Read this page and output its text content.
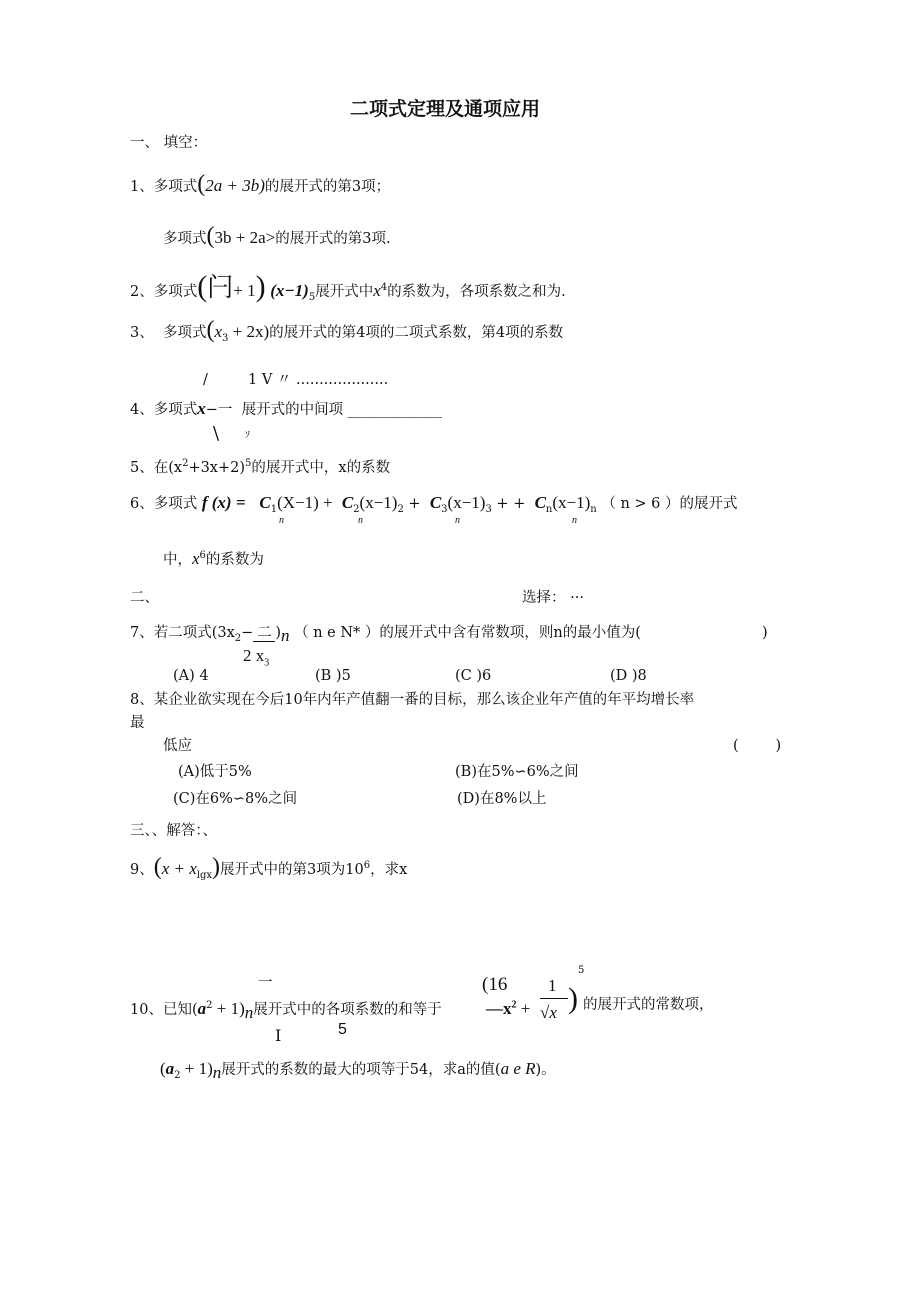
二项式定理及通项应用
一、 填空：
1、多项式(2a + 3b)的展开式的第3项；
多项式(3b + 2a>的展开式的第3项.
2、多项式(闩+ 1) $(x-1)_5$展开式中$x^4$的系数为，各项系数之和为.
3、 多项式$(x_3 + 2x)$的展开式的第4项的二项式系数，第4项的系数
/	1 V 〃 ....................
4、多项式x−一 展开式的中间项 _____________
\	ｿ
5、在$(x^2+3x+2)^5$的展开式中，x的系数
6、多项式 f $(x) = C_1(X-1) + C_2(x-1)_2 + C_3(x-1)_3$ + + $C_n(x-1)_n$ （ n > 6 ）的展开式
n	n	n	n
中，$x^6$的系数为
二、	选择： ···
7、若二项式($3x_2-$ 二 )$_n$ （ n e N* ）的展开式中含有常数项，则n的最小值为(	)
2 $x_3$
(A) 4	(B )5	(C )6	(D )8
8、某企业欲实现在今后10年内年产值翻一番的目标，那么该企业年产值的年平均增长率
最
低应	(        )
(A)低于5%	(B)在5%∽6%之间
(C)在6%∽8%之间	(D)在8%以上
三、、解答：、
9、$(x + x_{lgx})$展开式中的第3项为$10^6$，求x
一	(16 1
5
10、已知$(a^2 + 1)_n$展开式中的各项系数的和等于	$—x^2 + √x$ ) 的展开式的常数项，
I	5
$(a_2 + 1)_n$展开式的系数的最大的项等于54，求a的值(a e R)。
